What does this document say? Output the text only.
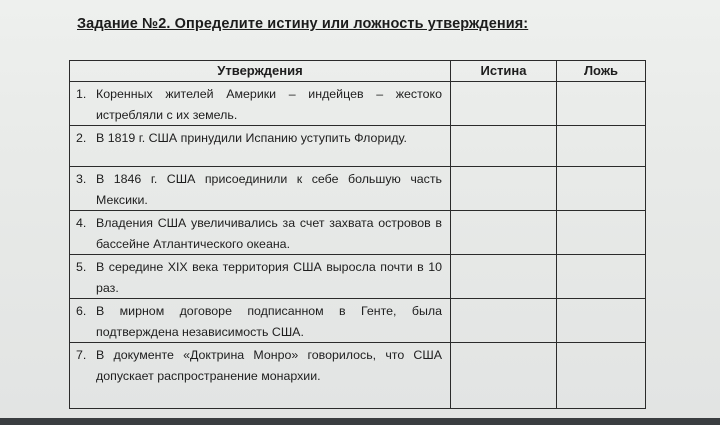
Задание №2. Определите истину или ложность утверждения:
Утверждения	Истина	Ложь

1. Коренных жителей Америки – индейцев – жестоко истребляли с их земель.		

2. В 1819 г. США принудили Испанию уступить Флориду.		

3. В 1846 г. США присоединили к себе большую часть Мексики.		

4. Владения США увеличивались за счет захвата островов в бассейне Атлантического океана.		

5. В середине XIX века территория США выросла почти в 10 раз.		

6. В мирном договоре подписанном в Генте, была подтверждена независимость США.		

7. В документе «Доктрина Монро» говорилось, что США допускает распространение монархии.		
